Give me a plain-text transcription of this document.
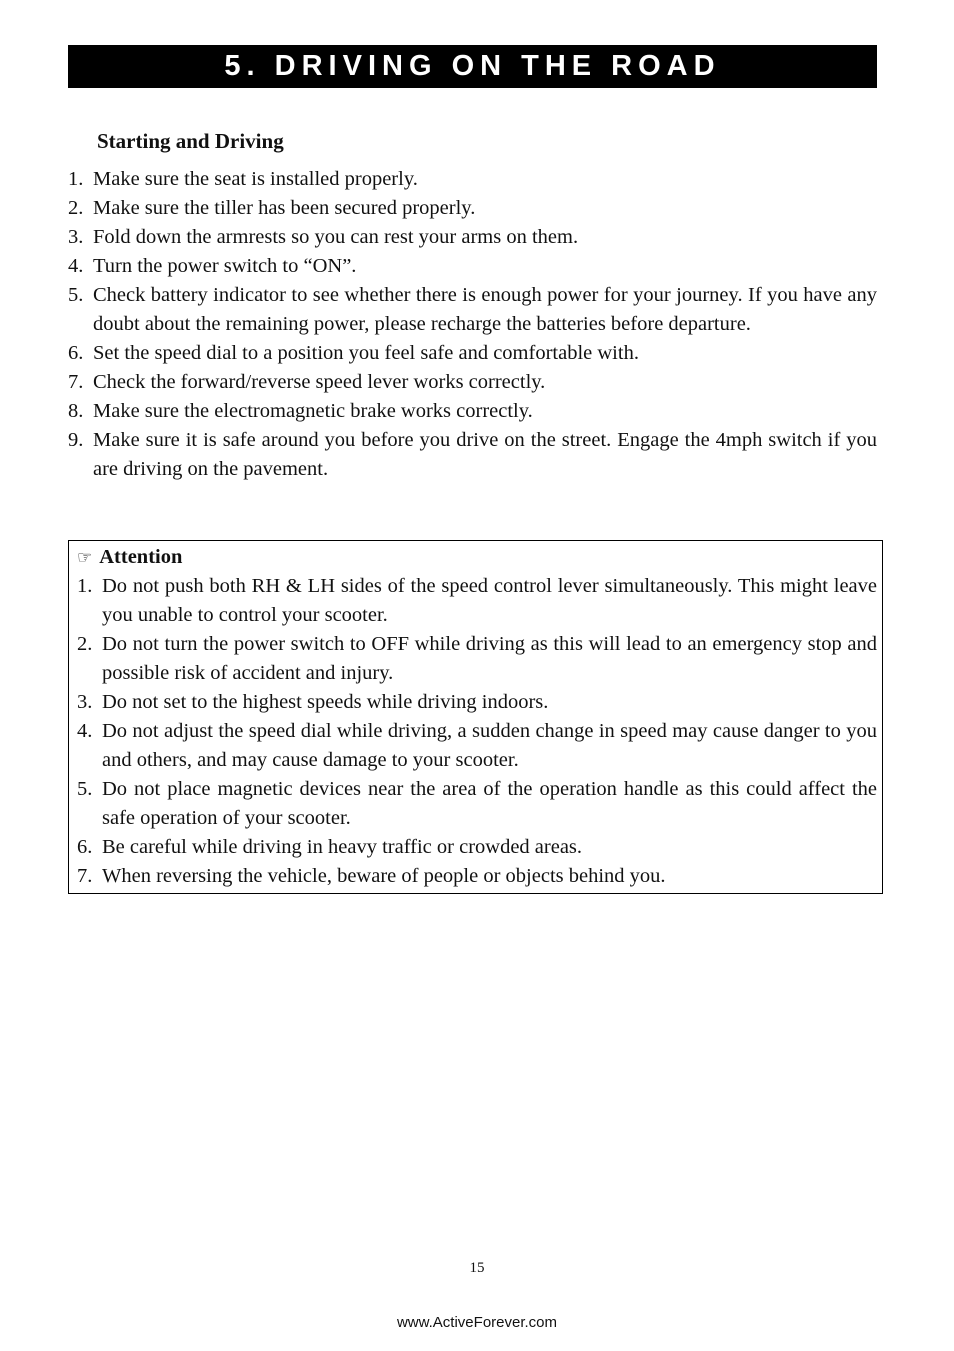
5. DRIVING ON THE ROAD
Starting and Driving
1. Make sure the seat is installed properly.
2. Make sure the tiller has been secured properly.
3. Fold down the armrests so you can rest your arms on them.
4. Turn the power switch to “ON”.
5. Check battery indicator to see whether there is enough power for your journey. If you have any doubt about the remaining power, please recharge the batteries before departure.
6. Set the speed dial to a position you feel safe and comfortable with.
7. Check the forward/reverse speed lever works correctly.
8. Make sure the electromagnetic brake works correctly.
9. Make sure it is safe around you before you drive on the street. Engage the 4mph switch if you are driving on the pavement.
☞ Attention
1. Do not push both RH & LH sides of the speed control lever simultaneously. This might leave you unable to control your scooter.
2. Do not turn the power switch to OFF while driving as this will lead to an emergency stop and possible risk of accident and injury.
3. Do not set to the highest speeds while driving indoors.
4. Do not adjust the speed dial while driving, a sudden change in speed may cause danger to you and others, and may cause damage to your scooter.
5. Do not place magnetic devices near the area of the operation handle as this could affect the safe operation of your scooter.
6. Be careful while driving in heavy traffic or crowded areas.
7. When reversing the vehicle, beware of people or objects behind you.
15
www.ActiveForever.com
